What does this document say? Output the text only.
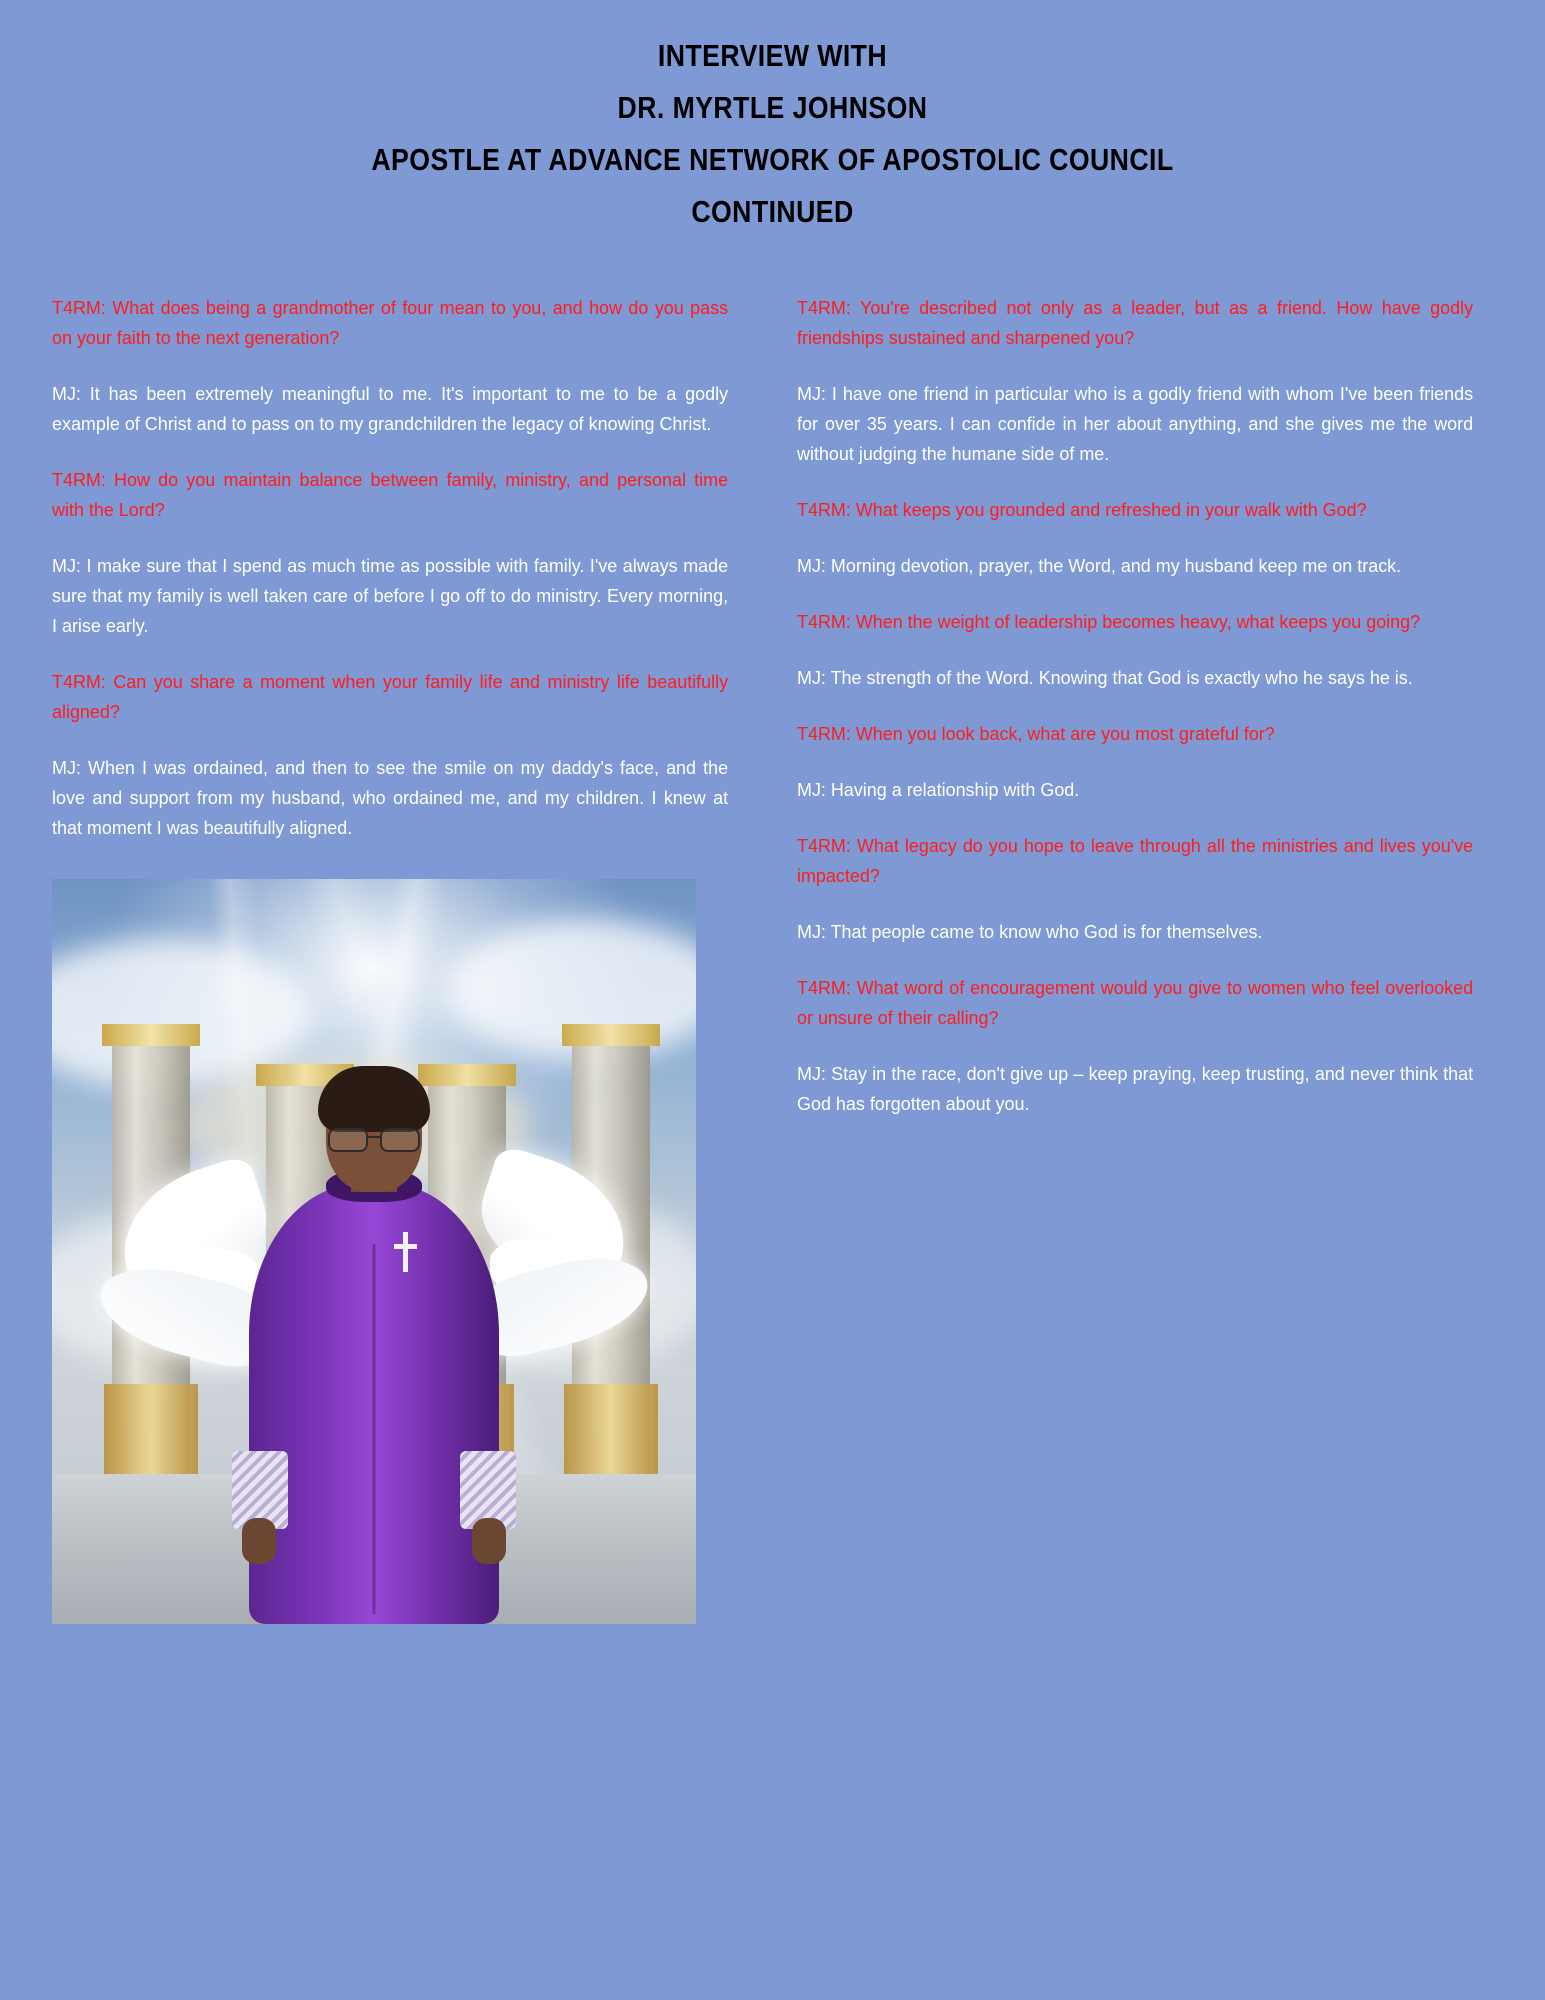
INTERVIEW WITH
DR. MYRTLE JOHNSON
APOSTLE AT ADVANCE NETWORK OF APOSTOLIC COUNCIL
CONTINUED

T4RM: What does being a grandmother of four mean to you, and how do you pass on your faith to the next generation?

MJ: It has been extremely meaningful to me. It's important to me to be a godly example of Christ and to pass on to my grandchildren the legacy of knowing Christ.

T4RM: How do you maintain balance between family, ministry, and personal time with the Lord?

MJ: I make sure that I spend as much time as possible with family. I've always made sure that my family is well taken care of before I go off to do ministry. Every morning, I arise early.

T4RM: Can you share a moment when your family life and ministry life beautifully aligned?

MJ: When I was ordained, and then to see the smile on my daddy's face, and the love and support from my husband, who ordained me, and my children. I knew at that moment I was beautifully aligned.

T4RM: You're described not only as a leader, but as a friend. How have godly friendships sustained and sharpened you?

MJ: I have one friend in particular who is a godly friend with whom I've been friends for over 35 years. I can confide in her about anything, and she gives me the word without judging the humane side of me.

T4RM: What keeps you grounded and refreshed in your walk with God?

MJ: Morning devotion, prayer, the Word, and my husband keep me on track.

T4RM: When the weight of leadership becomes heavy, what keeps you going?

MJ: The strength of the Word. Knowing that God is exactly who he says he is.

T4RM: When you look back, what are you most grateful for?

MJ: Having a relationship with God.

T4RM: What legacy do you hope to leave through all the ministries and lives you've impacted?

MJ: That people came to know who God is for themselves.

T4RM: What word of encouragement would you give to women who feel overlooked or unsure of their calling?

MJ: Stay in the race, don't give up – keep praying, keep trusting, and never think that God has forgotten about you.
